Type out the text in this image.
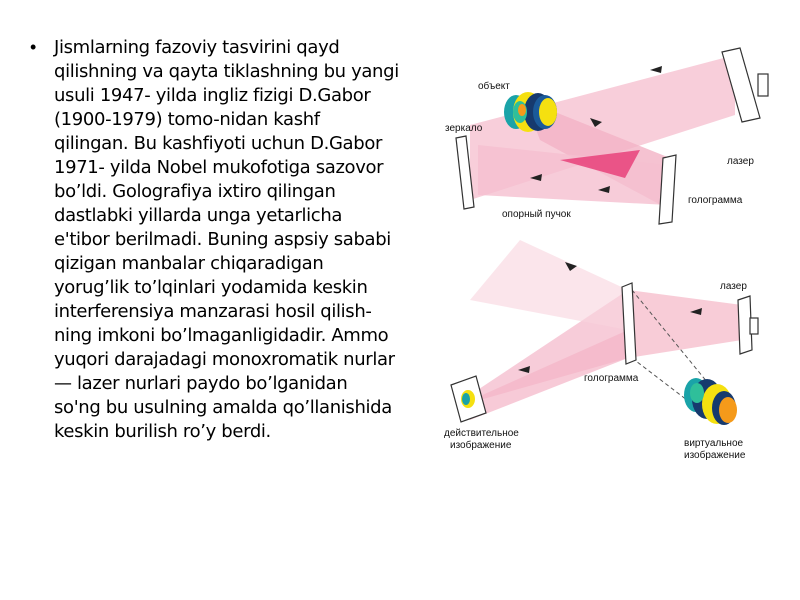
• Jismlarning fazoviy tasvirini qayd
qilishning va qayta tiklashning bu yangi
usuli 1947- yilda ingliz fizigi D.Gabor
(1900-1979) tomo-nidan kashf
qilingan. Bu kashfiyoti uchun D.Gabor
1971- yilda Nobel mukofotiga sazovor
bo’ldi. Golografiya ixtiro qilingan
dastlabki yillarda unga yetarlicha
e'tibor berilmadi. Buning aspsiy sababi
qizigan manbalar chiqaradigan
yorug’lik to’lqinlari yodamida keskin
interferensiya manzarasi hosil qilish-
ning imkoni bo’lmaganligidadir. Ammo
yuqori darajadagi monoxromatik nurlar
— lazer nurlari paydo bo’lganidan
so'ng bu usulning amalda qo’llanishida
keskin burilish ro’y berdi.
объект
зеркало
лазер
голограмма
опорный пучок
лазер
голограмма
действительное
изображение	виртуальное
изображение
